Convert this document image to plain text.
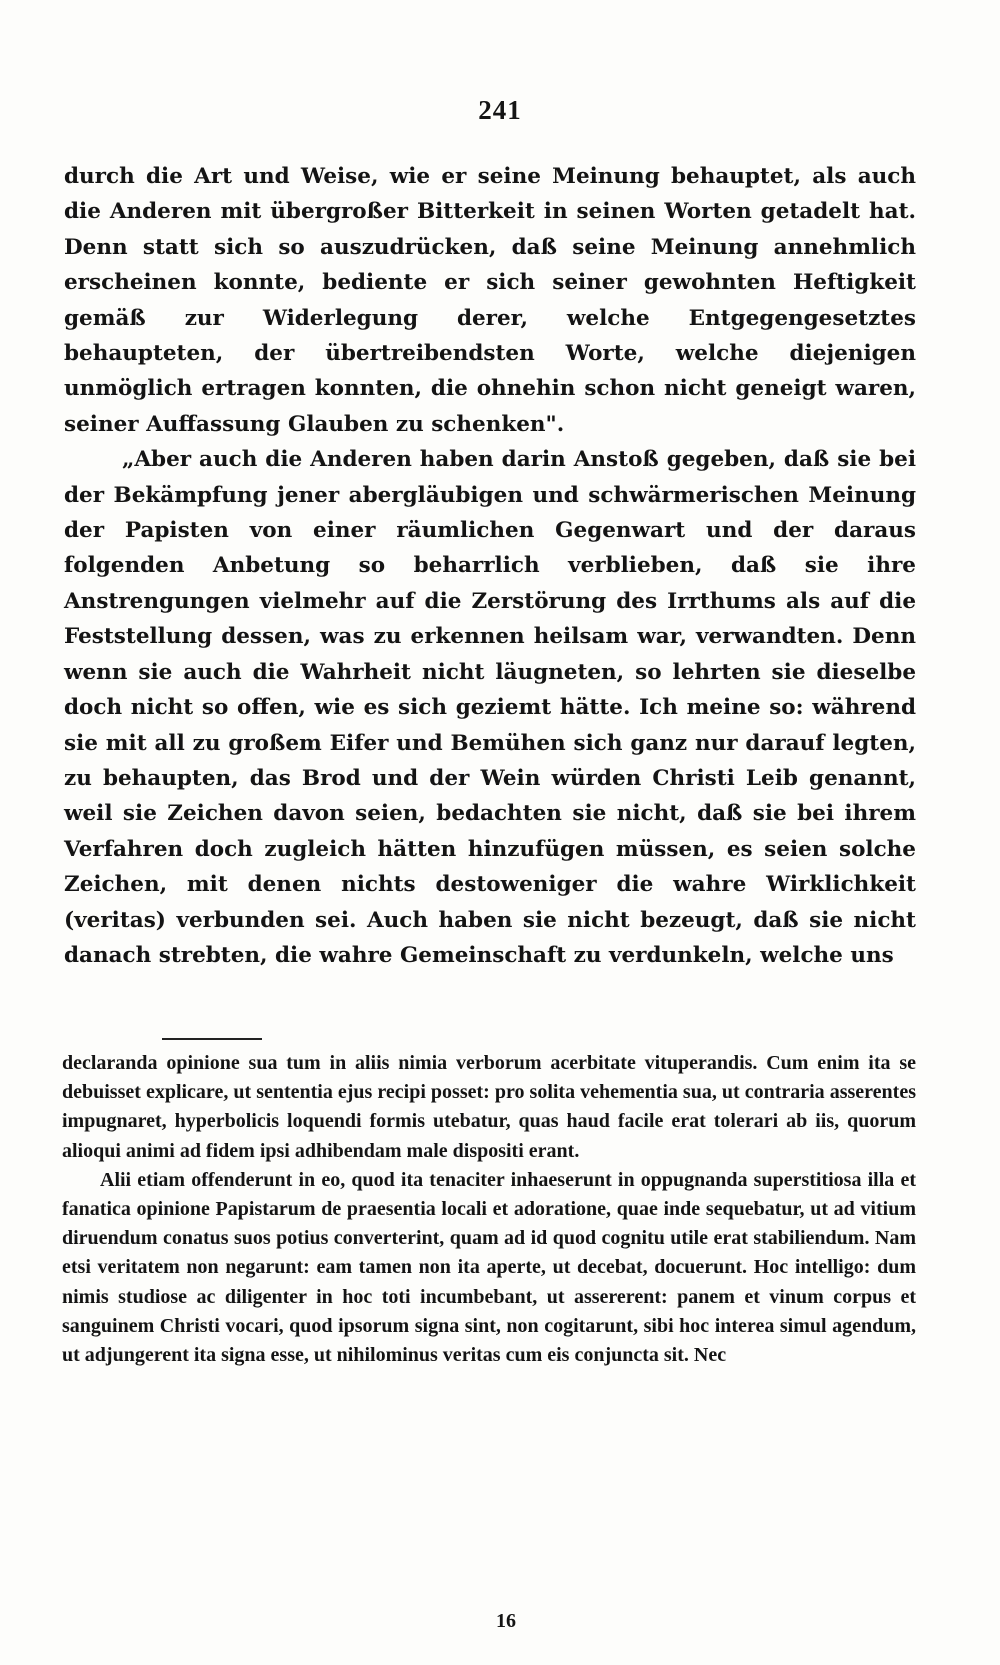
241

durch die Art und Weise, wie er seine Meinung behauptet, als auch die Anderen mit übergroßer Bitterkeit in seinen Worten getadelt hat. Denn statt sich so auszudrücken, daß seine Meinung annehmlich erscheinen konnte, bediente er sich seiner gewohnten Heftigkeit gemäß zur Widerlegung derer, welche Entgegengesetztes behaupteten, der übertreibendsten Worte, welche diejenigen unmöglich ertragen konnten, die ohnehin schon nicht geneigt waren, seiner Auffassung Glauben zu schenken".

„Aber auch die Anderen haben darin Anstoß gegeben, daß sie bei der Bekämpfung jener abergläubigen und schwärmerischen Meinung der Papisten von einer räumlichen Gegenwart und der daraus folgenden Anbetung so beharrlich verblieben, daß sie ihre Anstrengungen vielmehr auf die Zerstörung des Irrthums als auf die Feststellung dessen, was zu erkennen heilsam war, verwandten. Denn wenn sie auch die Wahrheit nicht läugneten, so lehrten sie dieselbe doch nicht so offen, wie es sich geziemt hätte. Ich meine so: während sie mit all zu großem Eifer und Bemühen sich ganz nur darauf legten, zu behaupten, das Brod und der Wein würden Christi Leib genannt, weil sie Zeichen davon seien, bedachten sie nicht, daß sie bei ihrem Verfahren doch zugleich hätten hinzufügen müssen, es seien solche Zeichen, mit denen nichts destoweniger die wahre Wirklichkeit (veritas) verbunden sei. Auch haben sie nicht bezeugt, daß sie nicht danach strebten, die wahre Gemeinschaft zu verdunkeln, welche uns

declaranda opinione sua tum in aliis nimia verborum acerbitate vituperandis. Cum enim ita se debuisset explicare, ut sententia ejus recipi posset: pro solita vehementia sua, ut contraria asserentes impugnaret, hyperbolicis loquendi formis utebatur, quas haud facile erat tolerari ab iis, quorum alioqui animi ad fidem ipsi adhibendam male dispositi erant.

Alii etiam offenderunt in eo, quod ita tenaciter inhaeserunt in oppugnanda superstitiosa illa et fanatica opinione Papistarum de praesentia locali et adoratione, quae inde sequebatur, ut ad vitium diruendum conatus suos potius converterint, quam ad id quod cognitu utile erat stabiliendum. Nam etsi veritatem non negarunt: eam tamen non ita aperte, ut decebat, docuerunt. Hoc intelligo: dum nimis studiose ac diligenter in hoc toti incumbebant, ut assererent: panem et vinum corpus et sanguinem Christi vocari, quod ipsorum signa sint, non cogitarunt, sibi hoc interea simul agendum, ut adjungerent ita signa esse, ut nihilominus veritas cum eis conjuncta sit. Nec

16
